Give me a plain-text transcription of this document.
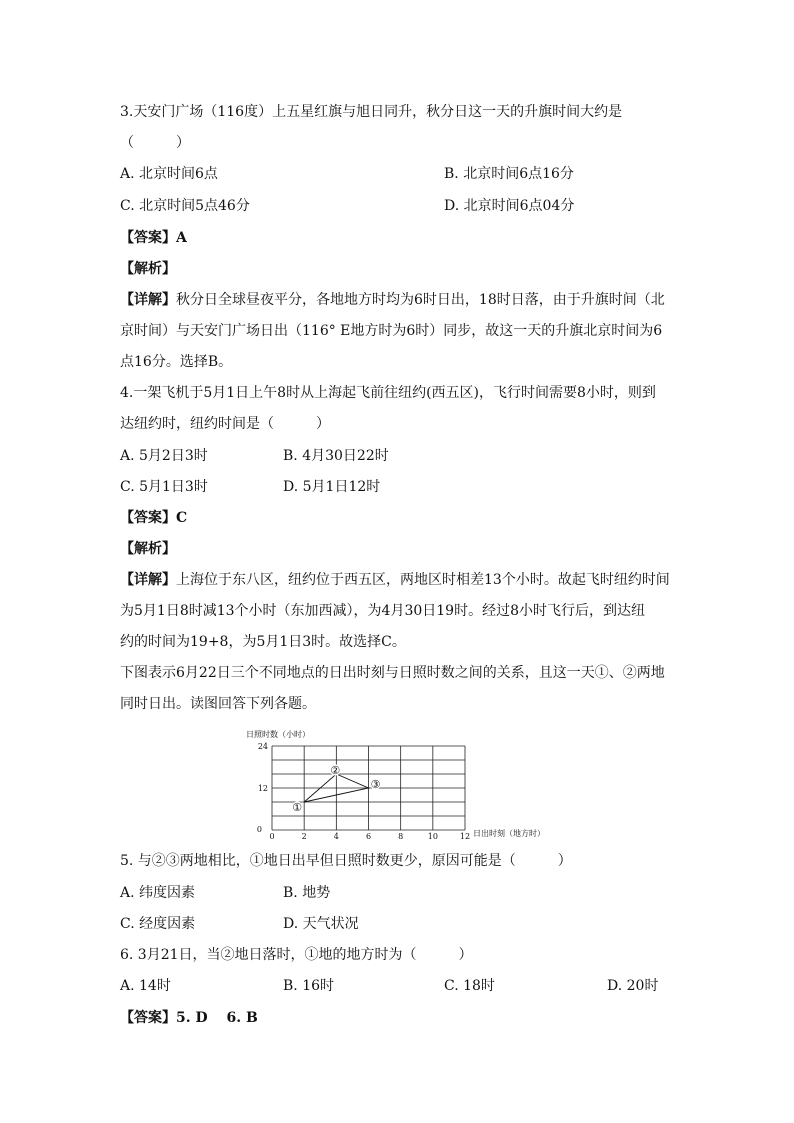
3.天安门广场（116度）上五星红旗与旭日同升，秋分日这一天的升旗时间大约是
（　　　）
A. 北京时间6点	B. 北京时间6点16分
C. 北京时间5点46分	D. 北京时间6点04分
【答案】A
【解析】
【详解】秋分日全球昼夜平分，各地地方时均为6时日出，18时日落，由于升旗时间（北
京时间）与天安门广场日出（116° E地方时为6时）同步，故这一天的升旗北京时间为6
点16分。选择B。
4.一架飞机于5月1日上午8时从上海起飞前往纽约(西五区)，飞行时间需要8小时，则到
达纽约时，纽约时间是（　　　）
A. 5月2日3时	B. 4月30日22时
C. 5月1日3时	D. 5月1日12时
【答案】C
【解析】
【详解】上海位于东八区，纽约位于西五区，两地区时相差13个小时。故起飞时纽约时间
为5月1日8时减13个小时（东加西减），为4月30日19时。经过8小时飞行后，到达纽
约的时间为19+8，为5月1日3时。故选择C。
下图表示6月22日三个不同地点的日出时刻与日照时数之间的关系，且这一天①、②两地
同时日出。读图回答下列各题。
日照时数（小时）
日出时刻（地方时）
0	2	4	6	8	10	12
0
12
24
①
②
③
5. 与②③两地相比，①地日出早但日照时数更少，原因可能是（　　　）
A. 纬度因素	B. 地势
C. 经度因素	D. 天气状况
6. 3月21日，当②地日落时，①地的地方时为（　　　）
A. 14时	B. 16时	C. 18时	D. 20时
【答案】5. D　 6. B
